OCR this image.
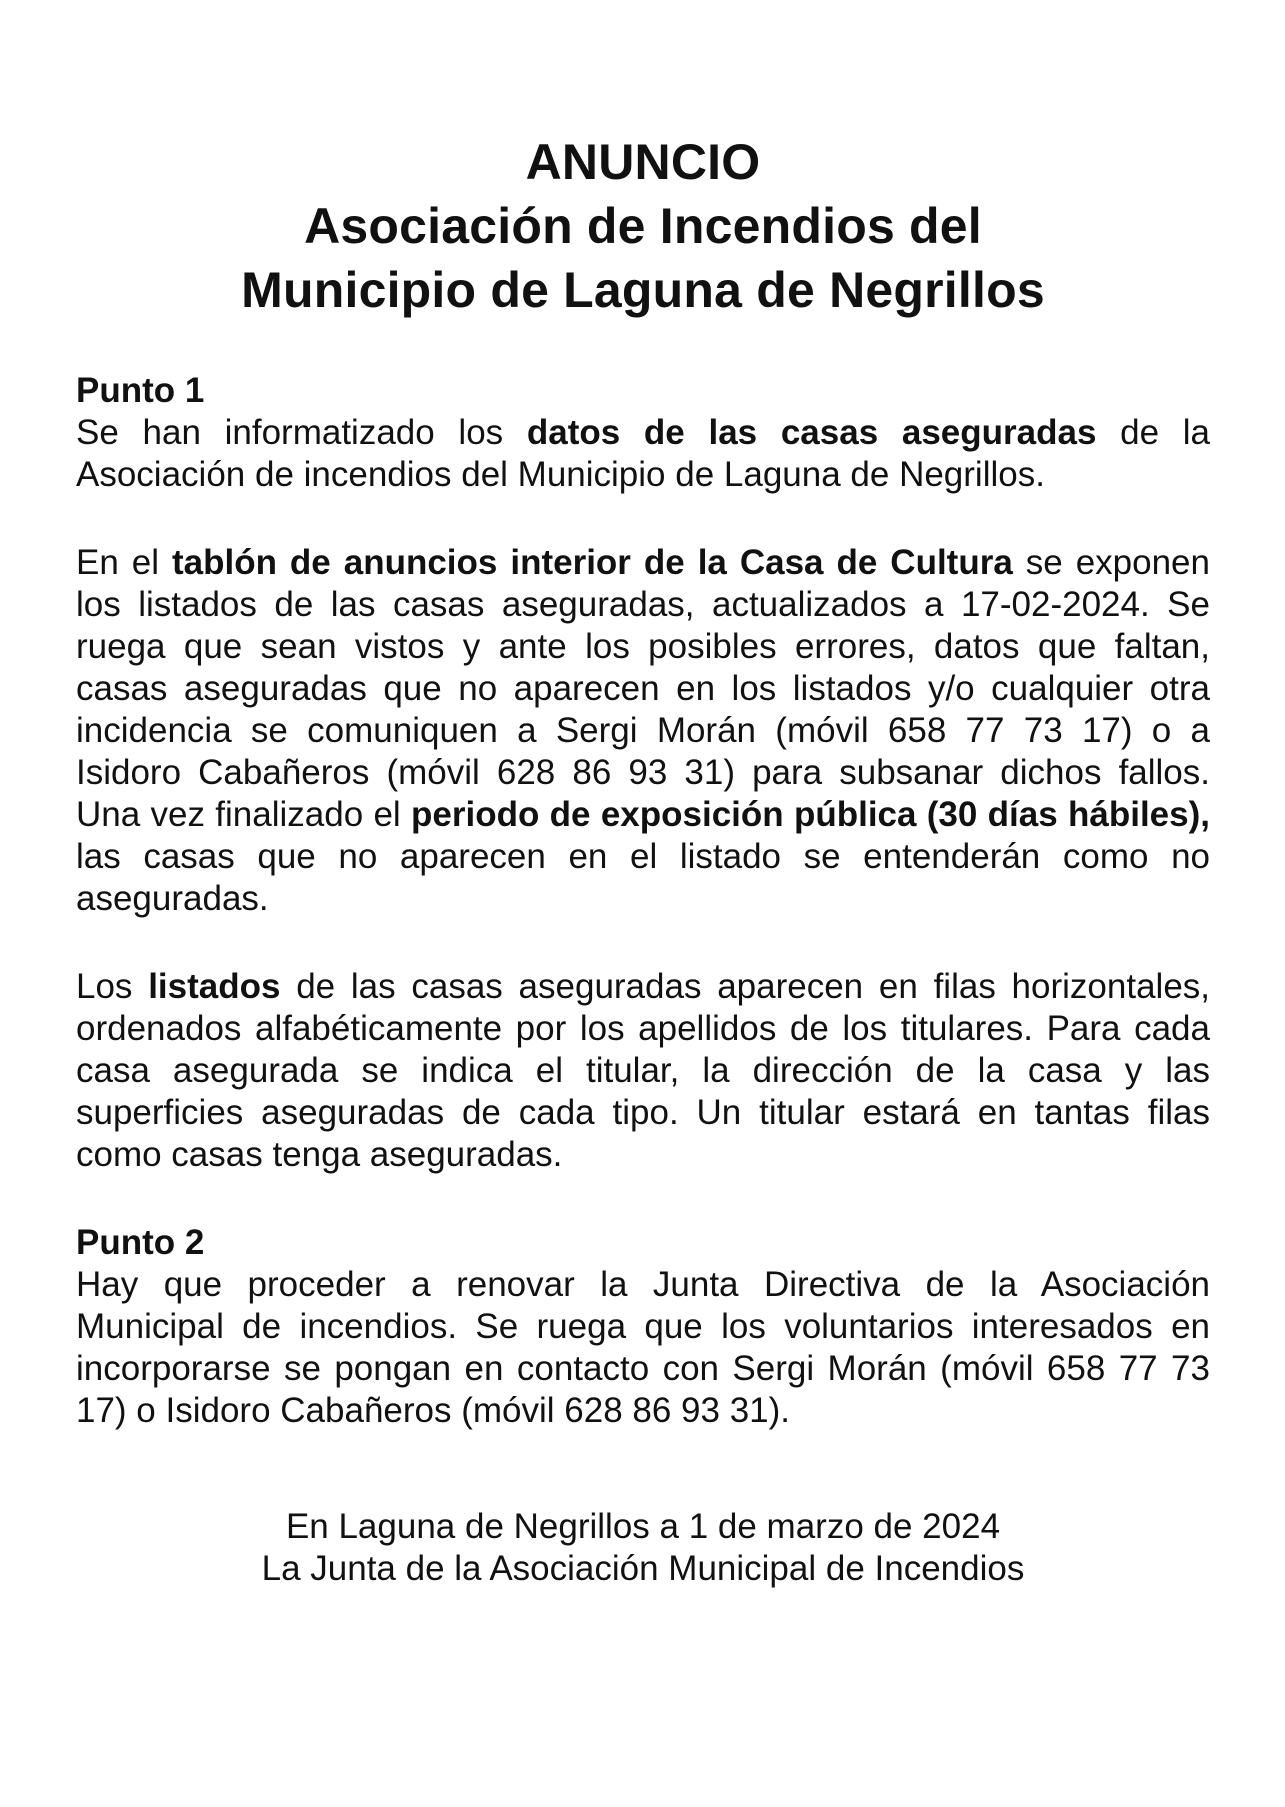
ANUNCIO
Asociación de Incendios del
Municipio de Laguna de Negrillos
Punto 1

Se han informatizado los datos de las casas aseguradas de la Asociación de incendios del Municipio de Laguna de Negrillos.

En el tablón de anuncios interior de la Casa de Cultura se exponen los listados de las casas aseguradas, actualizados a 17-02-2024. Se ruega que sean vistos y ante los posibles errores, datos que faltan, casas aseguradas que no aparecen en los listados y/o cualquier otra incidencia se comuniquen a Sergi Morán (móvil 658 77 73 17) o a Isidoro Cabañeros (móvil 628 86 93 31) para subsanar dichos fallos. Una vez finalizado el periodo de exposición pública (30 días hábiles), las casas que no aparecen en el listado se entenderán como no aseguradas.

Los listados de las casas aseguradas aparecen en filas horizontales, ordenados alfabéticamente por los apellidos de los titulares. Para cada casa asegurada se indica el titular, la dirección de la casa y las superficies aseguradas de cada tipo. Un titular estará en tantas filas como casas tenga aseguradas.

Punto 2

Hay que proceder a renovar la Junta Directiva de la Asociación Municipal de incendios. Se ruega que los voluntarios interesados en incorporarse se pongan en contacto con Sergi Morán (móvil 658 77 73 17) o Isidoro Cabañeros (móvil 628 86 93 31).

En Laguna de Negrillos a 1 de marzo de 2024
La Junta de la Asociación Municipal de Incendios
